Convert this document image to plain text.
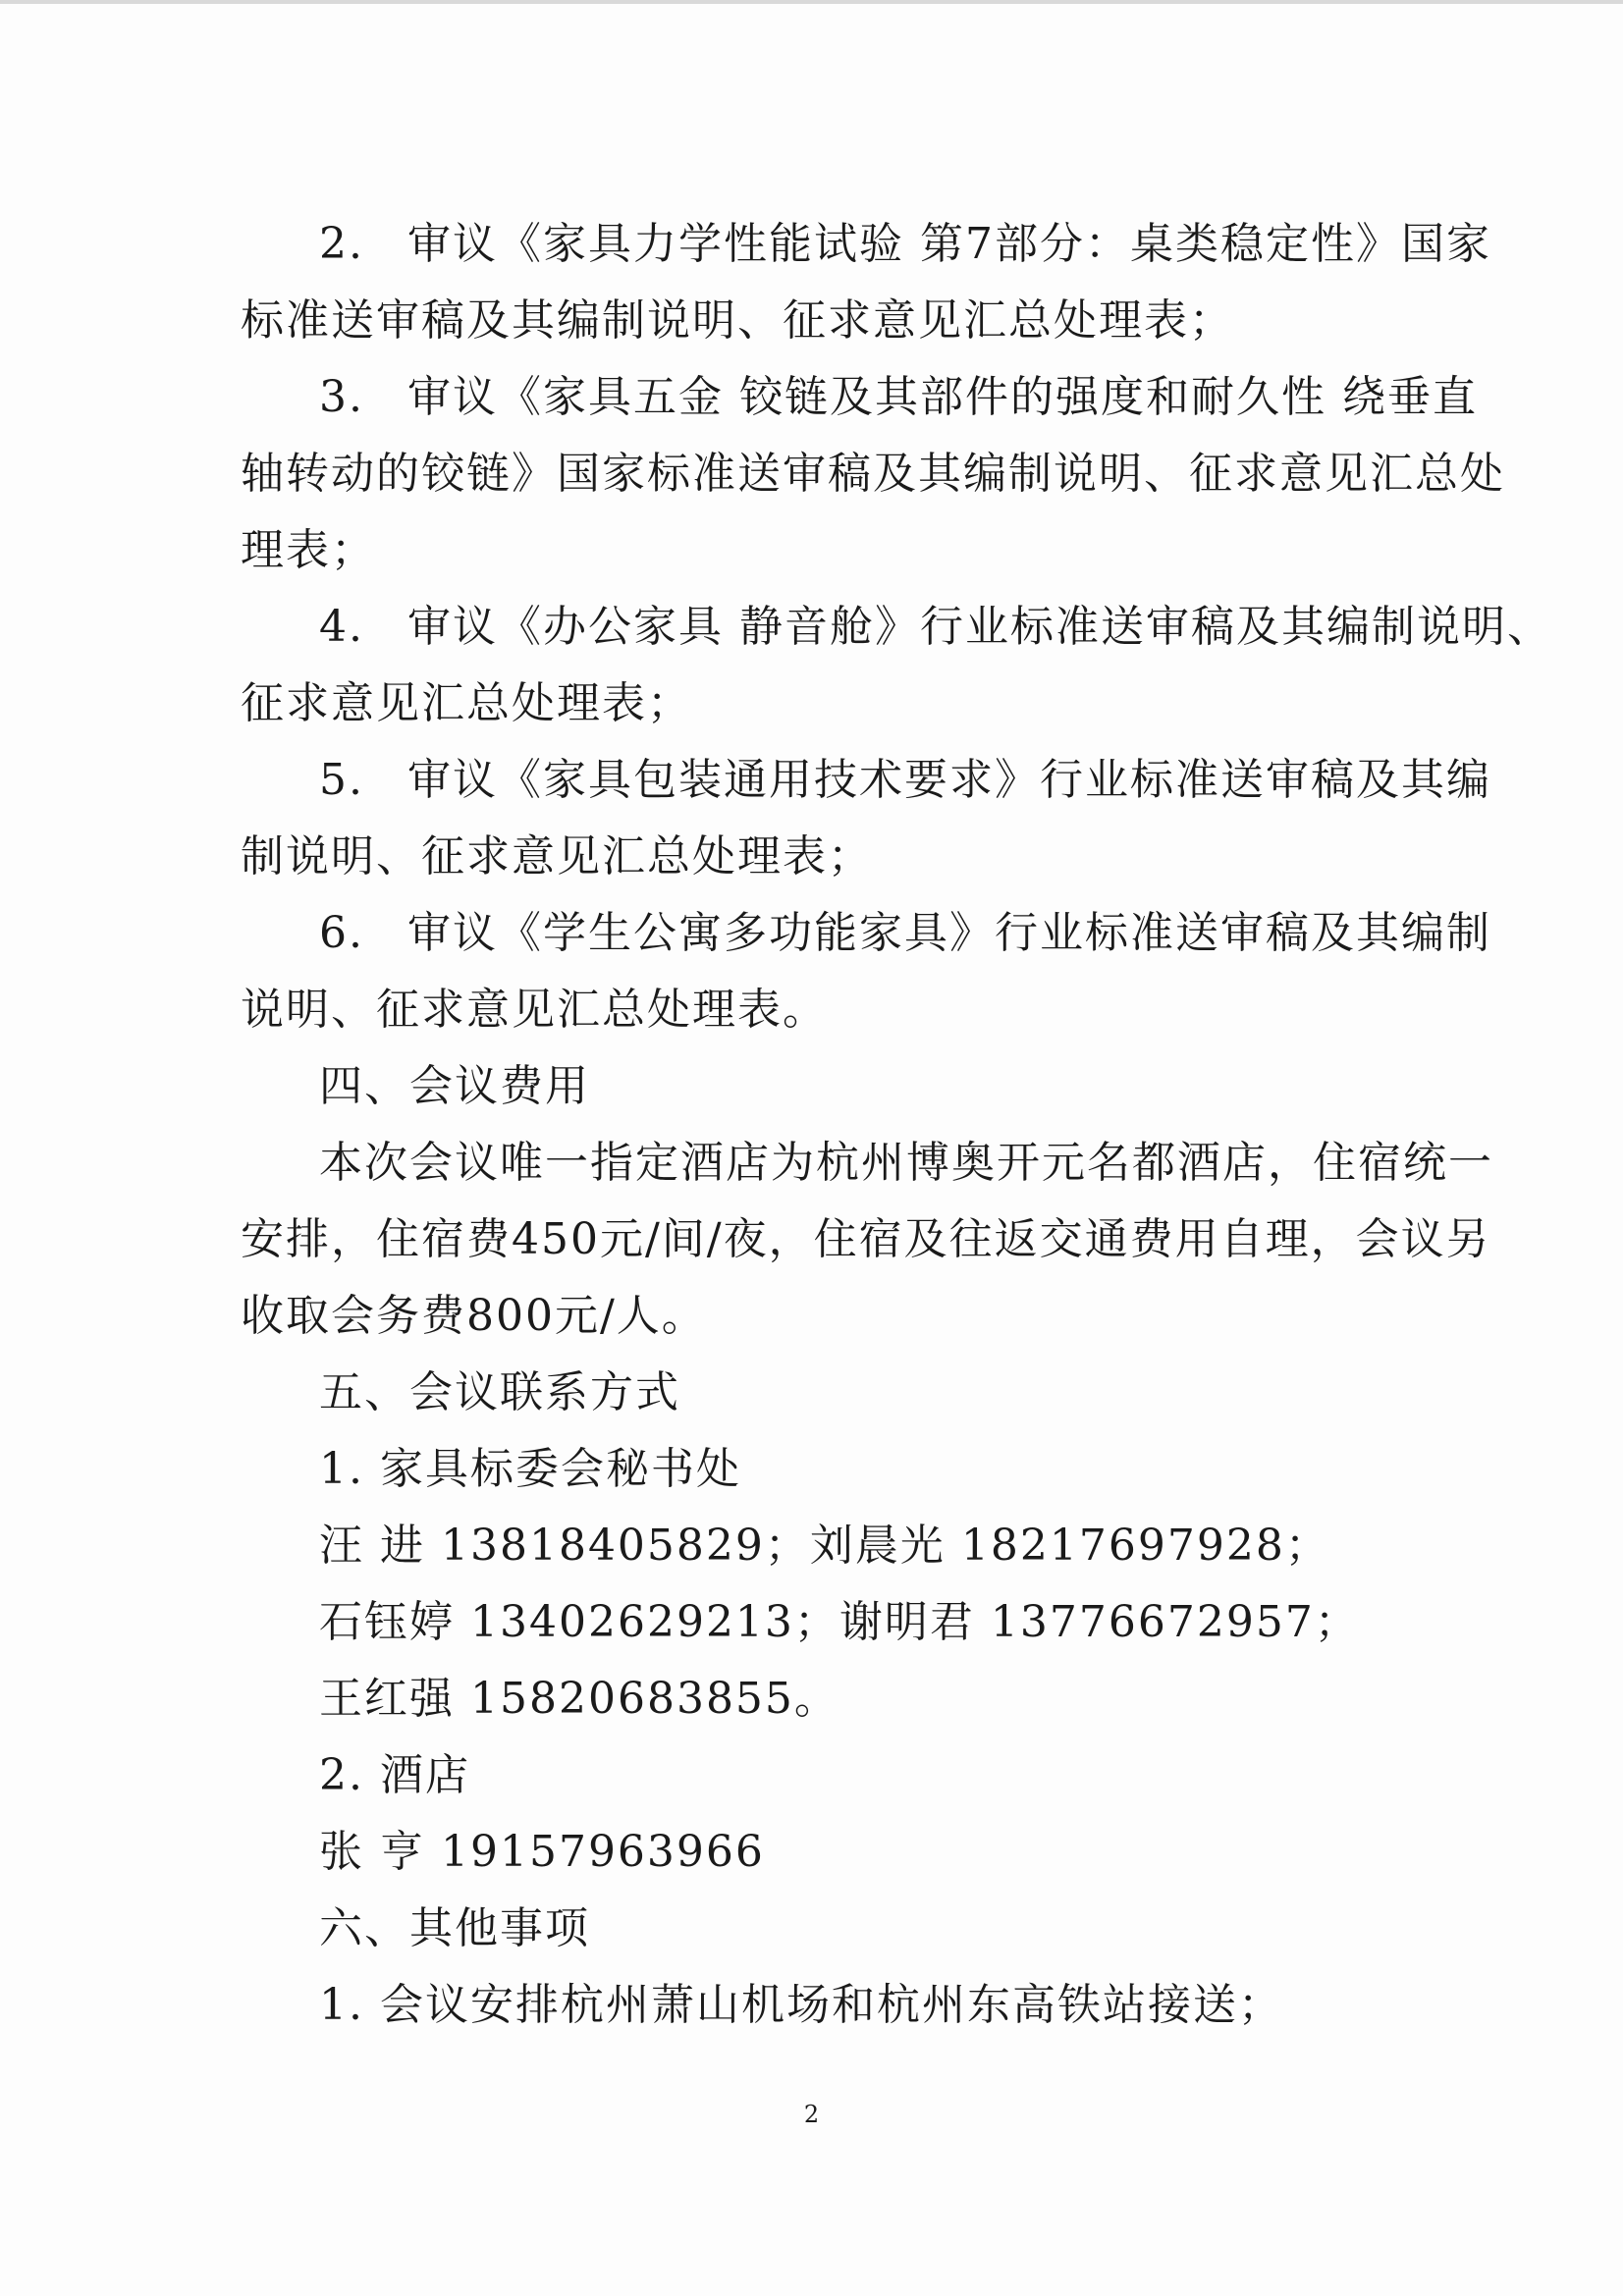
2. 审议《家具力学性能试验 第7部分：桌类稳定性》国家

标准送审稿及其编制说明、征求意见汇总处理表；

3. 审议《家具五金 铰链及其部件的强度和耐久性 绕垂直

轴转动的铰链》国家标准送审稿及其编制说明、征求意见汇总处

理表；

4. 审议《办公家具 静音舱》行业标准送审稿及其编制说明、

征求意见汇总处理表；

5. 审议《家具包装通用技术要求》行业标准送审稿及其编

制说明、征求意见汇总处理表；

6. 审议《学生公寓多功能家具》行业标准送审稿及其编制

说明、征求意见汇总处理表。

四、会议费用

本次会议唯一指定酒店为杭州博奥开元名都酒店，住宿统一

安排，住宿费450元/间/夜，住宿及往返交通费用自理，会议另

收取会务费800元/人。

五、会议联系方式

1. 家具标委会秘书处

汪 进 13818405829；刘晨光 18217697928；

石钰婷 13402629213；谢明君 13776672957；

王红强 15820683855。

2. 酒店

张 亨 19157963966

六、其他事项

1. 会议安排杭州萧山机场和杭州东高铁站接送；

2
